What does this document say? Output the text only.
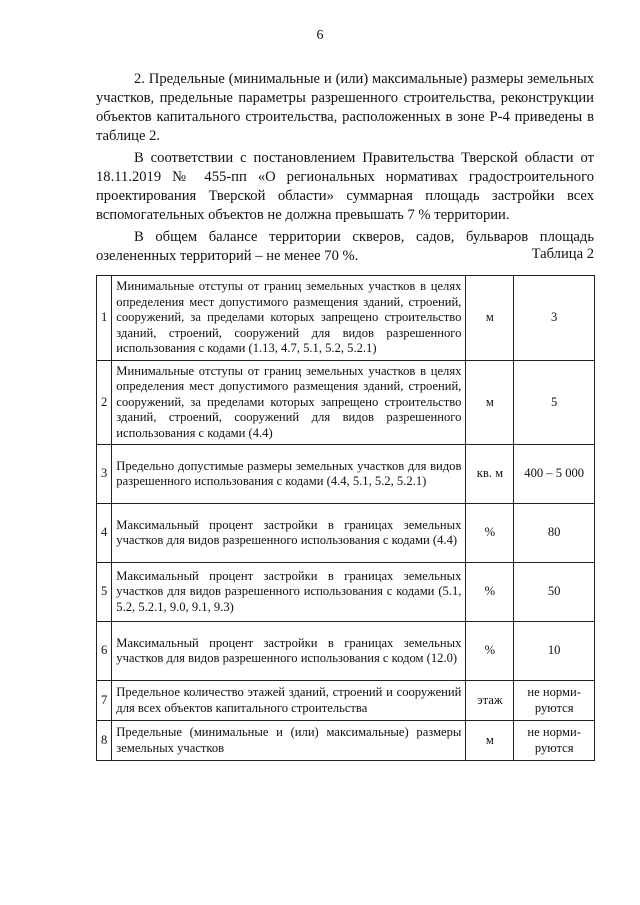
6

2. Предельные (минимальные и (или) максимальные) размеры земельных участков, предельные параметры разрешенного строительства, реконструкции объектов капитального строительства, расположенных в зоне Р-4 приведены в таблице 2.

В соответствии с постановлением Правительства Тверской области от 18.11.2019 № 455-пп «О региональных нормативах градостроительного проектирования Тверской области» суммарная площадь застройки всех вспомогательных объектов не должна превышать 7 % территории.

В общем балансе территории скверов, садов, бульваров площадь озелененных территорий – не менее 70 %.	Таблица 2
1	Минимальные отступы от границ земельных участков в целях определения мест допустимого размещения зданий, строений, сооружений, за пределами которых запрещено строительство зданий, строений, сооружений для видов разрешенного использования с кодами (1.13, 4.7, 5.1, 5.2, 5.2.1)	м	3
2	Минимальные отступы от границ земельных участков в целях определения мест допустимого размещения зданий, строений, сооружений, за пределами которых запрещено строительство зданий, строений, сооружений для видов разрешенного использования с кодами (4.4)	м	5
3	Предельно допустимые размеры земельных участков для видов разрешенного использования с кодами (4.4, 5.1, 5.2, 5.2.1)	кв. м	400 – 5 000
4	Максимальный процент застройки в границах земельных участков для видов разрешенного использования с кодами (4.4)	%	80
5	Максимальный процент застройки в границах земельных участков для видов разрешенного использования с кодами (5.1, 5.2, 5.2.1, 9.0, 9.1, 9.3)	%	50
6	Максимальный процент застройки в границах земельных участков для видов разрешенного использования с кодом (12.0)	%	10
7	Предельное количество этажей зданий, строений и сооружений для всех объектов капитального строительства	этаж	не норми-руются
8	Предельные (минимальные и (или) максимальные) размеры земельных участков	м	не норми-руются
